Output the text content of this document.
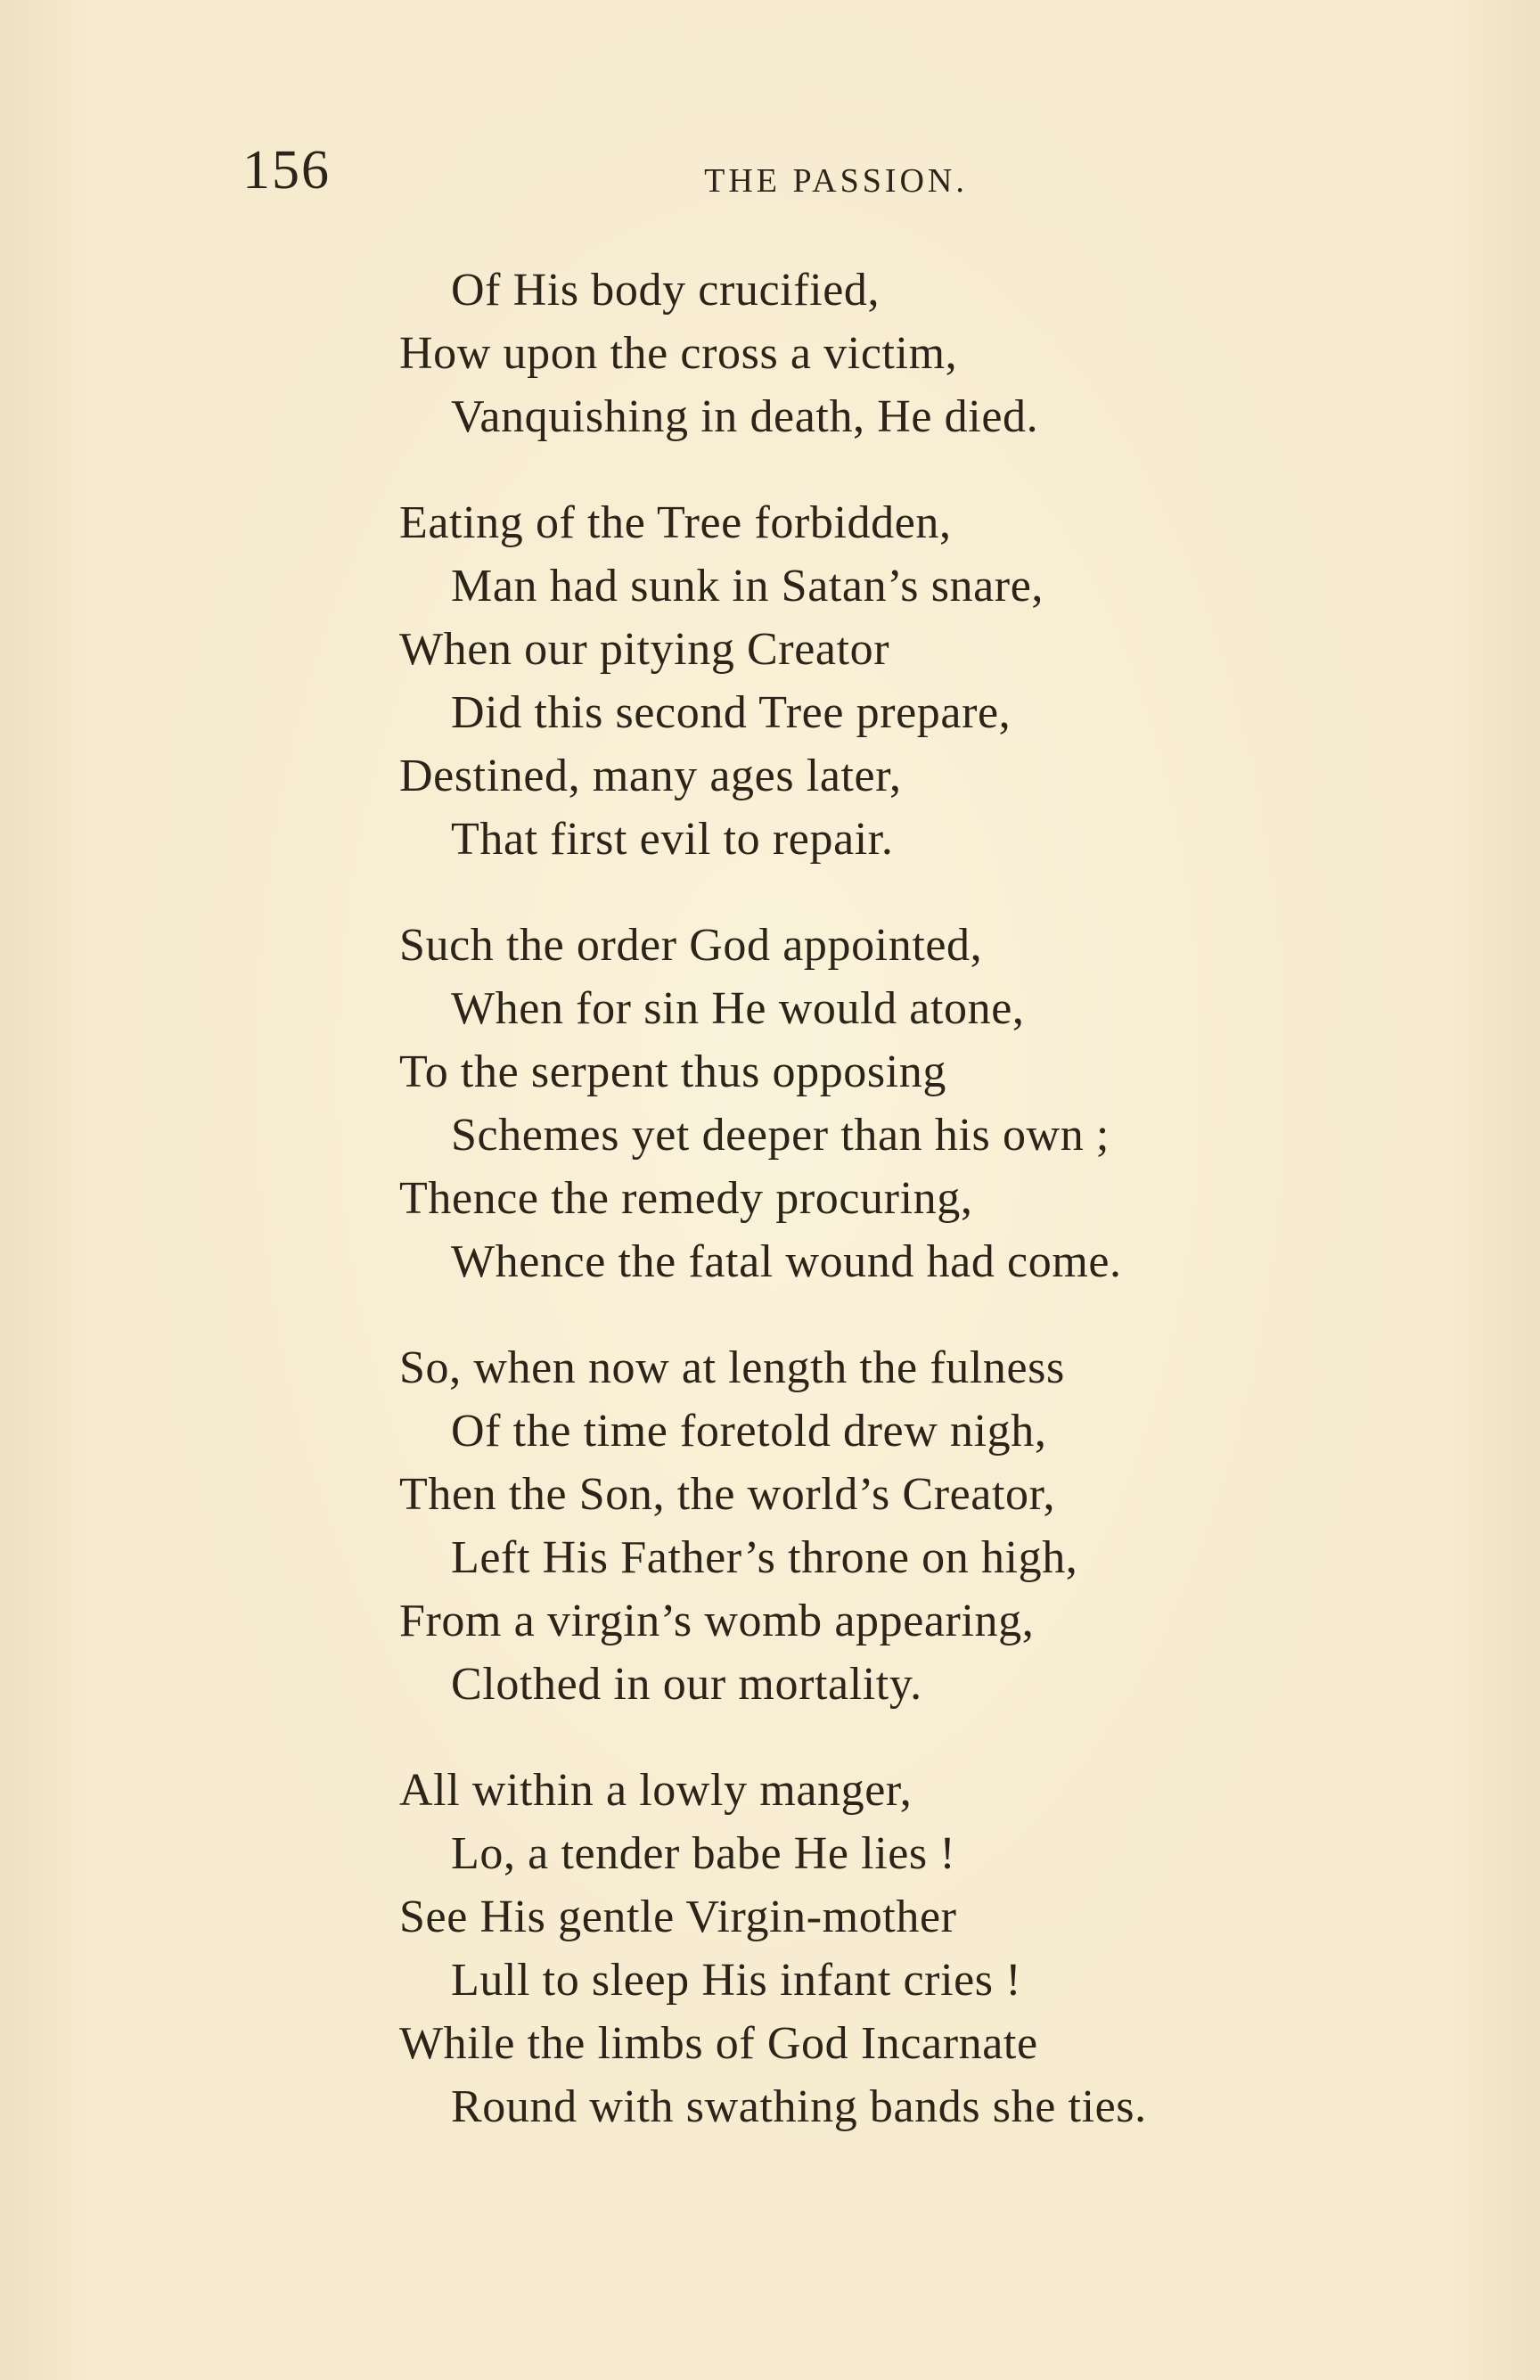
156	THE PASSION.
Of His body crucified,
How upon the cross a victim,
Vanquishing in death, He died.
Eating of the Tree forbidden,
Man had sunk in Satan’s snare,
When our pitying Creator
Did this second Tree prepare,
Destined, many ages later,
That first evil to repair.
Such the order God appointed,
When for sin He would atone,
To the serpent thus opposing
Schemes yet deeper than his own ;
Thence the remedy procuring,
Whence the fatal wound had come.
So, when now at length the fulness
Of the time foretold drew nigh,
Then the Son, the world’s Creator,
Left His Father’s throne on high,
From a virgin’s womb appearing,
Clothed in our mortality.
All within a lowly manger,
Lo, a tender babe He lies !
See His gentle Virgin-mother
Lull to sleep His infant cries !
While the limbs of God Incarnate
Round with swathing bands she ties.
